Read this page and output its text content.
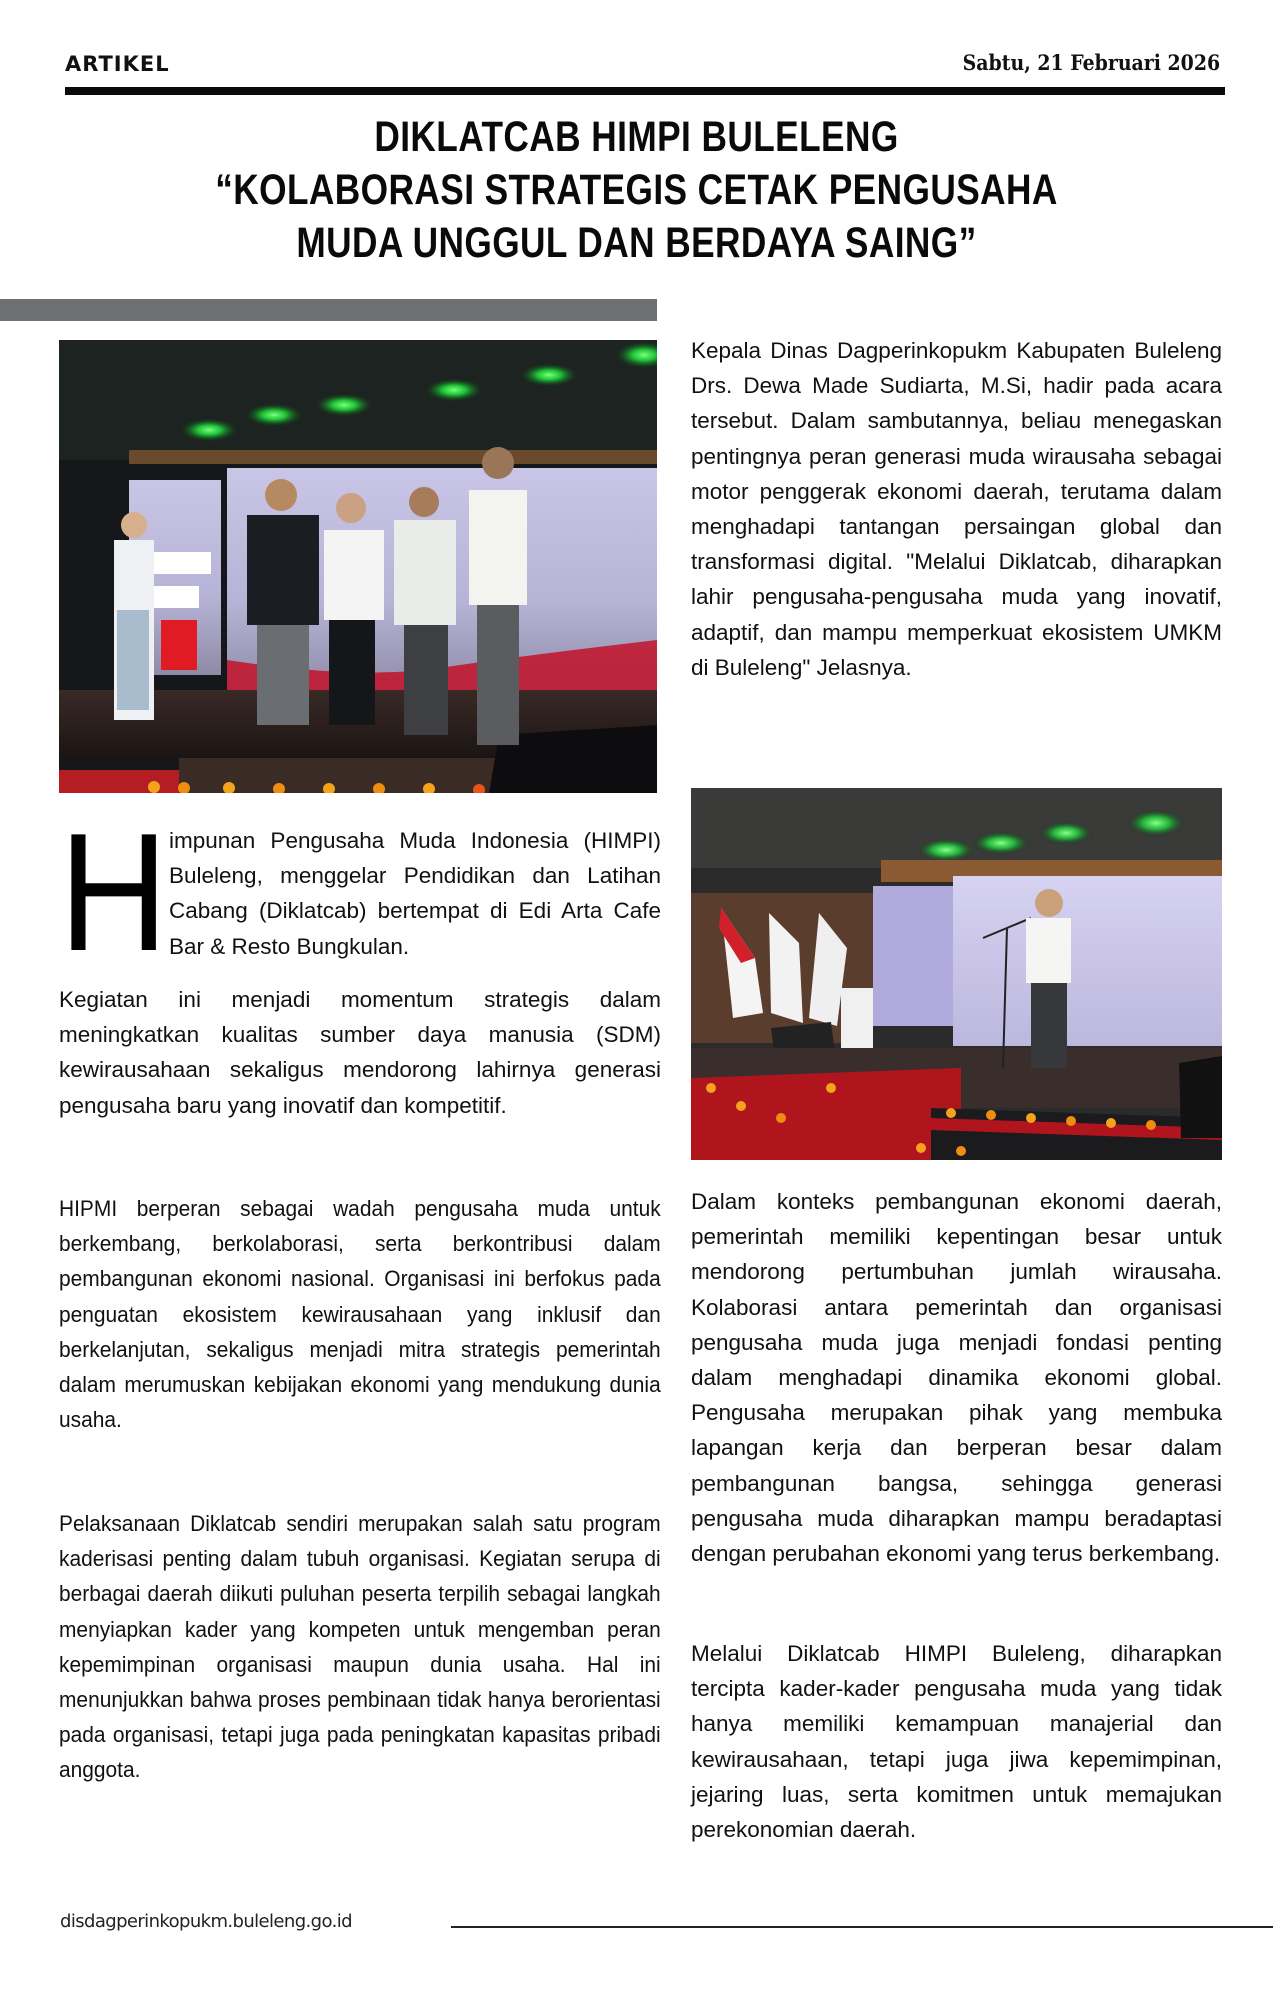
ARTIKEL	Sabtu, 21 Februari 2026
DIKLATCAB HIMPI BULELENG
“KOLABORASI STRATEGIS CETAK PENGUSAHA
MUDA UNGGUL DAN BERDAYA SAING”
H impunan Pengusaha Muda Indonesia (HIMPI) Buleleng, menggelar Pendidikan dan Latihan Cabang (Diklatcab) bertempat di Edi Arta Cafe Bar & Resto Bungkulan.

Kegiatan ini menjadi momentum strategis dalam meningkatkan kualitas sumber daya manusia (SDM) kewirausahaan sekaligus mendorong lahirnya generasi pengusaha baru yang inovatif dan kompetitif.

HIPMI berperan sebagai wadah pengusaha muda untuk berkembang, berkolaborasi, serta berkontribusi dalam pembangunan ekonomi nasional. Organisasi ini berfokus pada penguatan ekosistem kewirausahaan yang inklusif dan berkelanjutan, sekaligus menjadi mitra strategis pemerintah dalam merumuskan kebijakan ekonomi yang mendukung dunia usaha.

Pelaksanaan Diklatcab sendiri merupakan salah satu program kaderisasi penting dalam tubuh organisasi. Kegiatan serupa di berbagai daerah diikuti puluhan peserta terpilih sebagai langkah menyiapkan kader yang kompeten untuk mengemban peran kepemimpinan organisasi maupun dunia usaha. Hal ini menunjukkan bahwa proses pembinaan tidak hanya berorientasi pada organisasi, tetapi juga pada peningkatan kapasitas pribadi anggota.

Kepala Dinas Dagperinkopukm Kabupaten Buleleng Drs. Dewa Made Sudiarta, M.Si, hadir pada acara tersebut. Dalam sambutannya, beliau menegaskan pentingnya peran generasi muda wirausaha sebagai motor penggerak ekonomi daerah, terutama dalam menghadapi tantangan persaingan global dan transformasi digital. "Melalui Diklatcab, diharapkan lahir pengusaha-pengusaha muda yang inovatif, adaptif, dan mampu memperkuat ekosistem UMKM di Buleleng" Jelasnya.

Dalam konteks pembangunan ekonomi daerah, pemerintah memiliki kepentingan besar untuk mendorong pertumbuhan jumlah wirausaha. Kolaborasi antara pemerintah dan organisasi pengusaha muda juga menjadi fondasi penting dalam menghadapi dinamika ekonomi global. Pengusaha merupakan pihak yang membuka lapangan kerja dan berperan besar dalam pembangunan bangsa, sehingga generasi pengusaha muda diharapkan mampu beradaptasi dengan perubahan ekonomi yang terus berkembang.

Melalui Diklatcab HIMPI Buleleng, diharapkan tercipta kader-kader pengusaha muda yang tidak hanya memiliki kemampuan manajerial dan kewirausahaan, tetapi juga jiwa kepemimpinan, jejaring luas, serta komitmen untuk memajukan perekonomian daerah.

disdagperinkopukm.buleleng.go.id
